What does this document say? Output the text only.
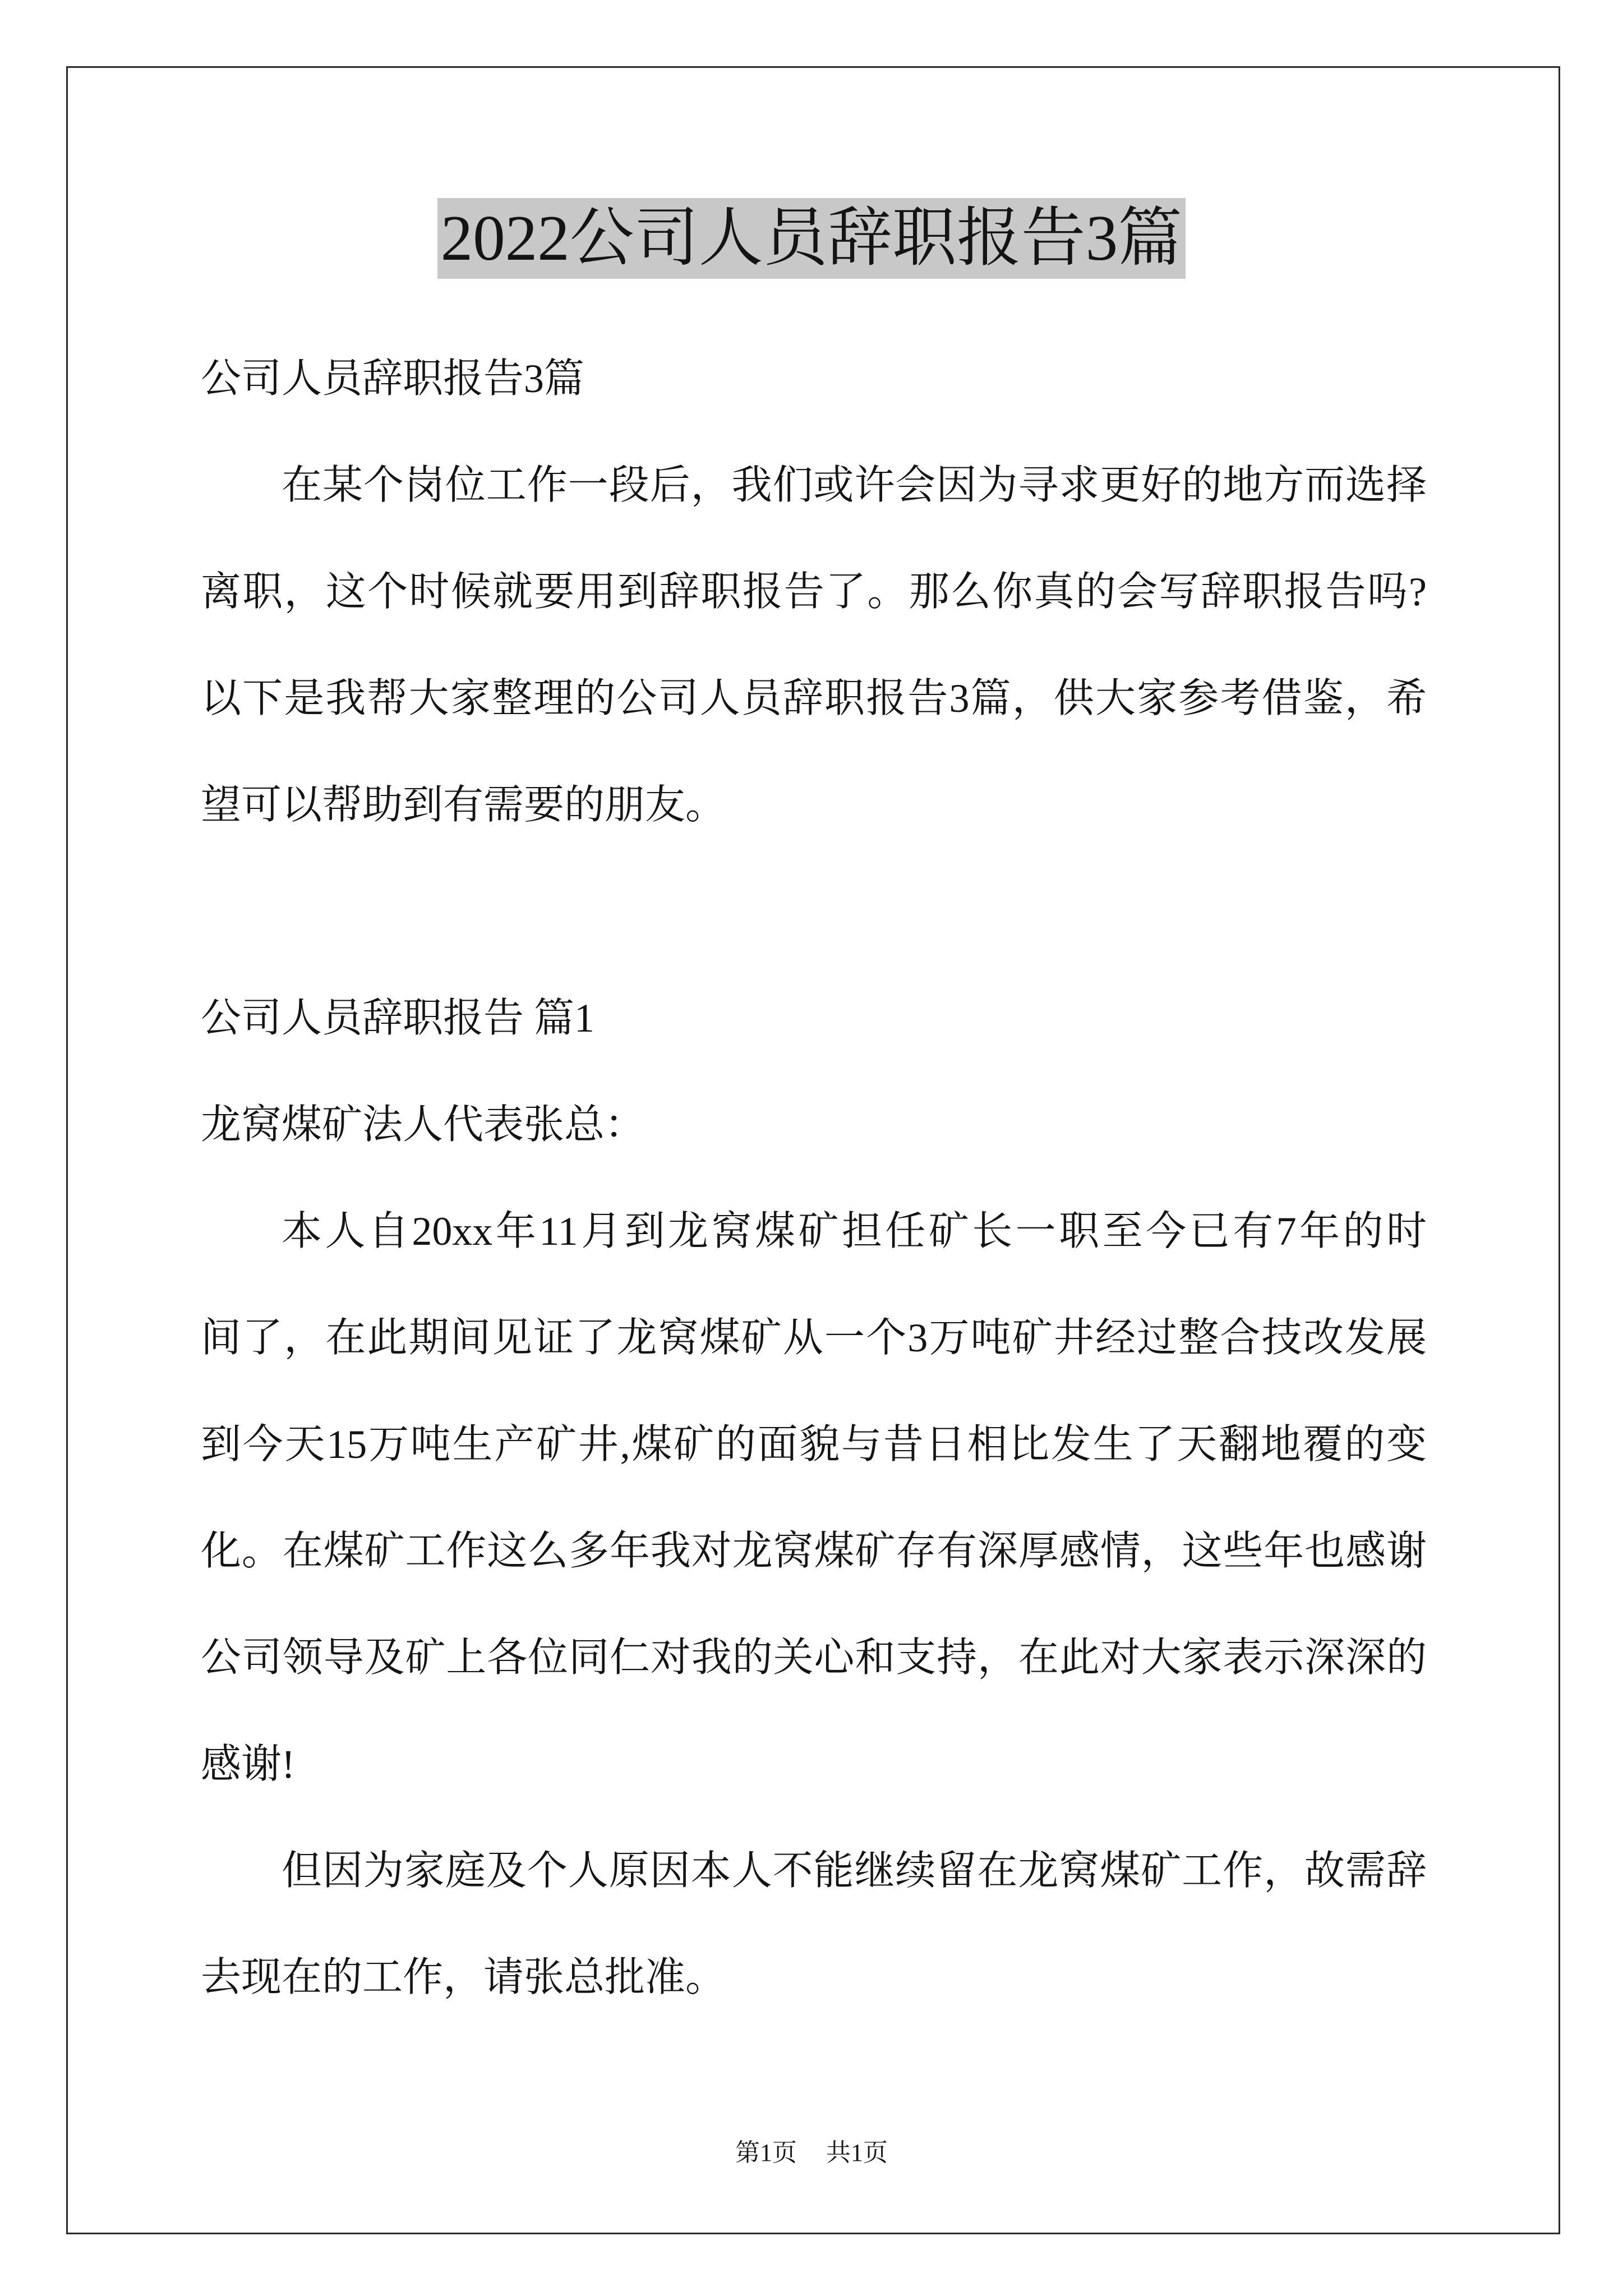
2022公司人员辞职报告3篇
公司人员辞职报告3篇
在某个岗位工作一段后，我们或许会因为寻求更好的地方而选择
离职，这个时候就要用到辞职报告了。那么你真的会写辞职报告吗?
以下是我帮大家整理的公司人员辞职报告3篇，供大家参考借鉴，希
望可以帮助到有需要的朋友。
公司人员辞职报告 篇1
龙窝煤矿法人代表张总：
本人自20xx年11月到龙窝煤矿担任矿长一职至今已有7年的时
间了，在此期间见证了龙窝煤矿从一个3万吨矿井经过整合技改发展
到今天15万吨生产矿井,煤矿的面貌与昔日相比发生了天翻地覆的变
化。在煤矿工作这么多年我对龙窝煤矿存有深厚感情，这些年也感谢
公司领导及矿上各位同仁对我的关心和支持，在此对大家表示深深的
感谢!
但因为家庭及个人原因本人不能继续留在龙窝煤矿工作，故需辞
去现在的工作，请张总批准。
第1页 共1页
